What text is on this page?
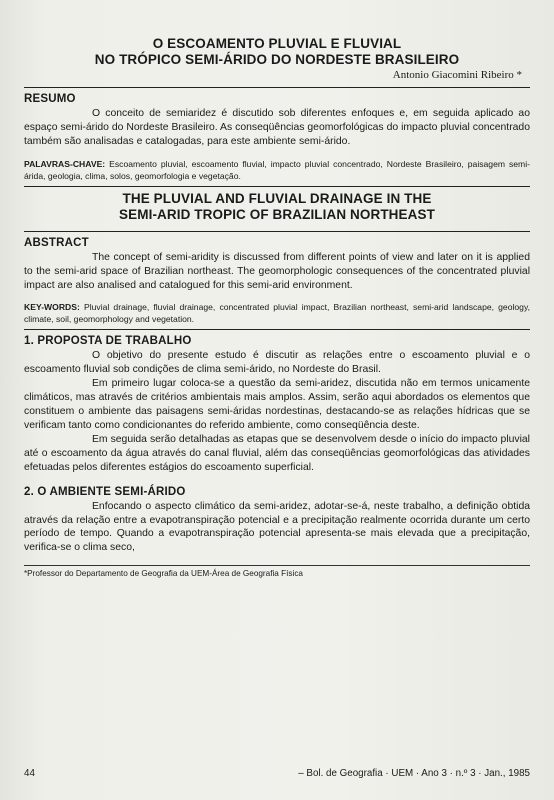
O ESCOAMENTO PLUVIAL E FLUVIAL
NO TRÓPICO SEMI-ÁRIDO DO NORDESTE BRASILEIRO
Antonio Giacomini Ribeiro *
RESUMO

O conceito de semiaridez é discutido sob diferentes enfoques e, em seguida aplicado ao espaço semi-árido do Nordeste Brasileiro. As conseqüências geomorfológicas do impacto pluvial concentrado também são analisadas e catalogadas, para este ambiente semi-árido.

PALAVRAS-CHAVE: Escoamento pluvial, escoamento fluvial, impacto pluvial concentrado, Nordeste Brasileiro, paisagem semi-árida, geologia, clima, solos, geomorfologia e vegetação.
THE PLUVIAL AND FLUVIAL DRAINAGE IN THE
SEMI-ARID TROPIC OF BRAZILIAN NORTHEAST
ABSTRACT

The concept of semi-aridity is discussed from different points of view and later on it is applied to the semi-arid space of Brazilian northeast. The geomorphologic consequences of the concentrated pluvial impact are also analised and catalogued for this semi-arid environment.

KEY-WORDS: Pluvial drainage, fluvial drainage, concentrated pluvial impact, Brazilian northeast, semi-arid landscape, geology, climate, soil, geomorphology and vegetation.
1. PROPOSTA DE TRABALHO

O objetivo do presente estudo é discutir as relações entre o escoamento pluvial e o escoamento fluvial sob condições de clima semi-árido, no Nordeste do Brasil.

Em primeiro lugar coloca-se a questão da semi-aridez, discutida não em termos unicamente climáticos, mas através de critérios ambientais mais amplos. Assim, serão aqui abordados os elementos que constituem o ambiente das paisagens semi-áridas nordestinas, destacando-se as relações hídricas que se verificam tanto como condicionantes do referido ambiente, como conseqüência deste.

Em seguida serão detalhadas as etapas que se desenvolvem desde o início do impacto pluvial até o escoamento da água através do canal fluvial, além das conseqüências geomorfológicas das atividades efetuadas pelos diferentes estágios do escoamento superficial.

2. O AMBIENTE SEMI-ÁRIDO

Enfocando o aspecto climático da semi-aridez, adotar-se-á, neste trabalho, a definição obtida através da relação entre a evapotranspiração potencial e a precipitação realmente ocorrida durante um certo período de tempo. Quando a evapotranspiração potencial apresenta-se mais elevada que a precipitação, verifica-se o clima seco,

*Professor do Departamento de Geografia da UEM-Área de Geografia Física

44	– Bol. de Geografia · UEM · Ano 3 · n.º 3 · Jan., 1985
